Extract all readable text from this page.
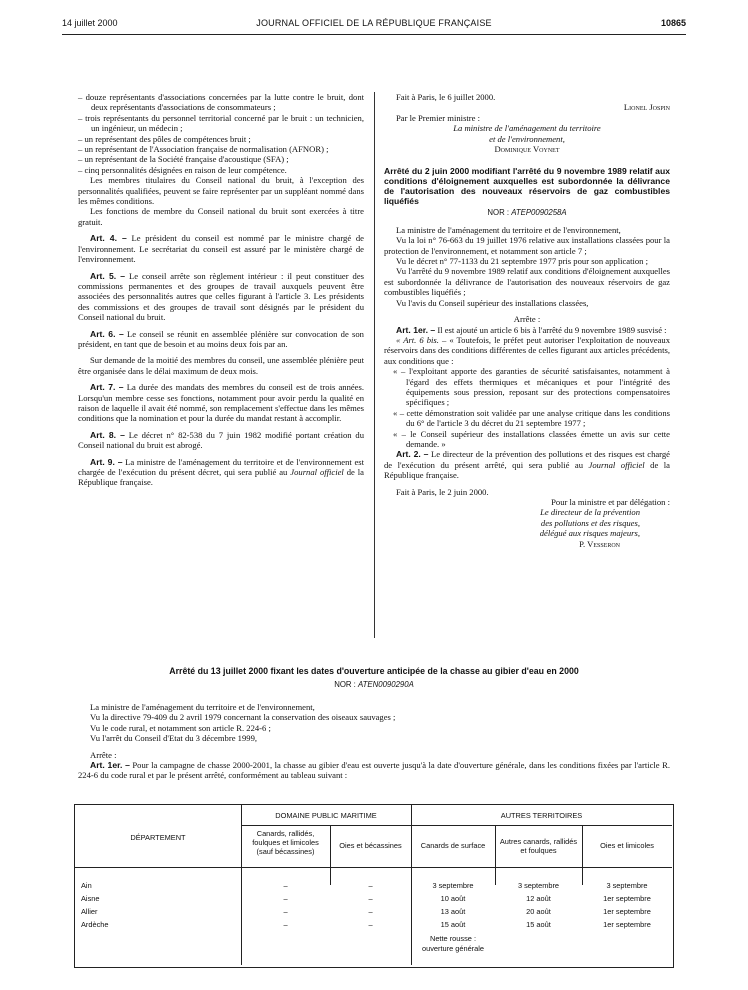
14 juillet 2000	JOURNAL OFFICIEL DE LA RÉPUBLIQUE FRANÇAISE	10865

– douze représentants d'associations concernées par la lutte contre le bruit, dont deux représentants d'associations de consommateurs ;

– trois représentants du personnel territorial concerné par le bruit : un technicien, un ingénieur, un médecin ;

– un représentant des pôles de compétences bruit ;

– un représentant de l'Association française de normalisation (AFNOR) ;

– un représentant de la Société française d'acoustique (SFA) ;

– cinq personnalités désignées en raison de leur compétence.

Les membres titulaires du Conseil national du bruit, à l'exception des personnalités qualifiées, peuvent se faire représenter par un suppléant nommé dans les mêmes conditions.

Les fonctions de membre du Conseil national du bruit sont exercées à titre gratuit.

Art. 4. – Le président du conseil est nommé par le ministre chargé de l'environnement. Le secrétariat du conseil est assuré par le ministère chargé de l'environnement.

Art. 5. – Le conseil arrête son règlement intérieur : il peut constituer des commissions permanentes et des groupes de travail auxquels peuvent être associées des personnalités autres que celles figurant à l'article 3. Les présidents des commissions et des groupes de travail sont désignés par le président du Conseil national du bruit.

Art. 6. – Le conseil se réunit en assemblée plénière sur convocation de son président, en tant que de besoin et au moins deux fois par an.

Sur demande de la moitié des membres du conseil, une assemblée plénière peut être organisée dans le délai maximum de deux mois.

Art. 7. – La durée des mandats des membres du conseil est de trois années. Lorsqu'un membre cesse ses fonctions, notamment pour avoir perdu la qualité en raison de laquelle il avait été nommé, son remplacement s'effectue dans les mêmes conditions que la nomination et pour la durée du mandat restant à accomplir.

Art. 8. – Le décret n° 82-538 du 7 juin 1982 modifié portant création du Conseil national du bruit est abrogé.

Art. 9. – La ministre de l'aménagement du territoire et de l'environnement est chargée de l'exécution du présent décret, qui sera publié au Journal officiel de la République française.

Fait à Paris, le 6 juillet 2000.

Lionel Jospin

Par le Premier ministre :

La ministre de l'aménagement du territoire

et de l'environnement,

Dominique Voynet

Arrêté du 2 juin 2000 modifiant l'arrêté du 9 novembre 1989 relatif aux conditions d'éloignement auxquelles est subordonnée la délivrance de l'autorisation des nouveaux réservoirs de gaz combustibles liquéfiés

NOR : ATEP0090258A

La ministre de l'aménagement du territoire et de l'environnement,

Vu la loi n° 76-663 du 19 juillet 1976 relative aux installations classées pour la protection de l'environnement, et notamment son article 7 ;

Vu le décret n° 77-1133 du 21 septembre 1977 pris pour son application ;

Vu l'arrêté du 9 novembre 1989 relatif aux conditions d'éloignement auxquelles est subordonnée la délivrance de l'autorisation des nouveaux réservoirs de gaz combustibles liquéfiés ;

Vu l'avis du Conseil supérieur des installations classées,

Arrête :

Art. 1er. – Il est ajouté un article 6 bis à l'arrêté du 9 novembre 1989 susvisé :

« Art. 6 bis. – « Toutefois, le préfet peut autoriser l'exploitation de nouveaux réservoirs dans des conditions différentes de celles figurant aux articles précédents, aux conditions que :

« – l'exploitant apporte des garanties de sécurité satisfaisantes, notamment à l'égard des effets thermiques et mécaniques et pour l'intégrité des équipements sous pression, reposant sur des protections compensatoires spécifiques ;

« – cette démonstration soit validée par une analyse critique dans les conditions du 6° de l'article 3 du décret du 21 septembre 1977 ;

« – le Conseil supérieur des installations classées émette un avis sur cette demande. »

Art. 2. – Le directeur de la prévention des pollutions et des risques est chargé de l'exécution du présent arrêté, qui sera publié au Journal officiel de la République française.

Fait à Paris, le 2 juin 2000.

Pour la ministre et par délégation :

Le directeur de la prévention

des pollutions et des risques,

délégué aux risques majeurs,

P. Vesseron

Arrêté du 13 juillet 2000 fixant les dates d'ouverture anticipée de la chasse au gibier d'eau en 2000
NOR : ATEN0090290A

La ministre de l'aménagement du territoire et de l'environnement,

Vu la directive 79-409 du 2 avril 1979 concernant la conservation des oiseaux sauvages ;

Vu le code rural, et notamment son article R. 224-6 ;

Vu l'arrêt du Conseil d'Etat du 3 décembre 1999,

Arrête :

Art. 1er. – Pour la campagne de chasse 2000-2001, la chasse au gibier d'eau est ouverte jusqu'à la date d'ouverture générale, dans les conditions fixées par l'article R. 224-6 du code rural et par le présent arrêté, conformément au tableau suivant :

DÉPARTEMENT
DOMAINE PUBLIC MARITIME	AUTRES TERRITOIRES
Canards, rallidés, foulques et limicoles (sauf bécassines)
Oies et bécassines	Canards de surface	Autres canards, rallidés et foulques
Oies et limicoles
Ain	–	–	3 septembre	3 septembre	3 septembre
Aisne	–	–	10 août	12 août	1er septembre
Allier	–	–	13 août	20 août	1er septembre
Ardèche	–	–	15 août	15 août	1er septembre
Nette rousse :
ouverture générale
